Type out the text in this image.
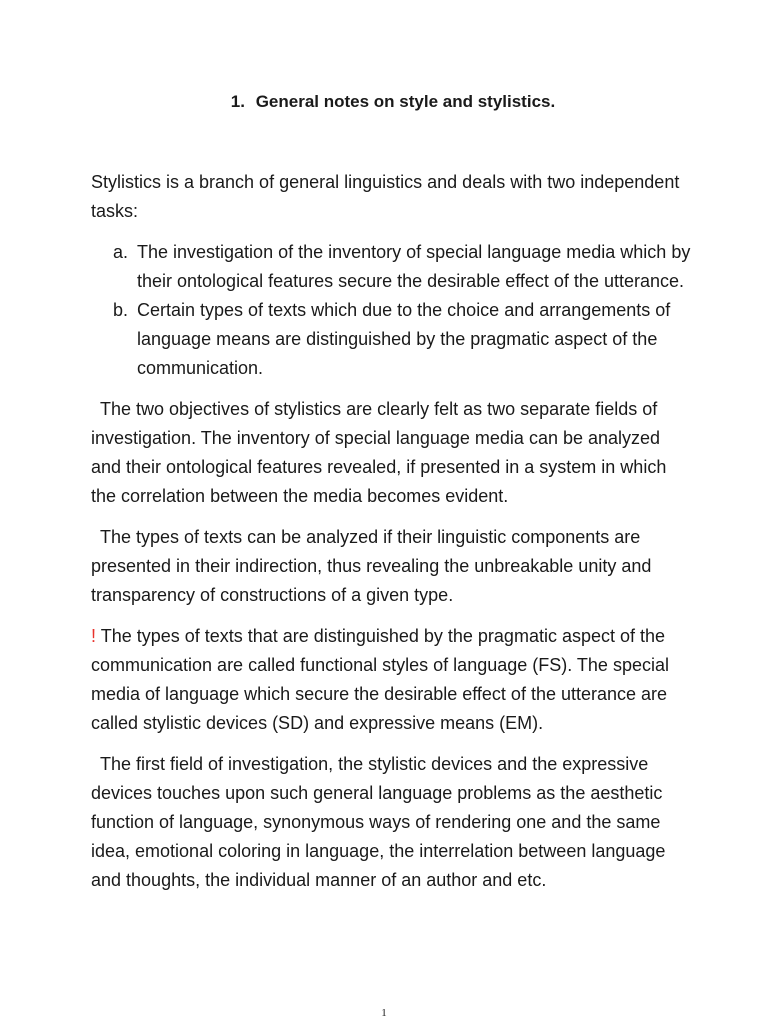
1. General notes on style and stylistics.

Stylistics is a branch of general linguistics and deals with two independent tasks:

a. The investigation of the inventory of special language media which by their ontological features secure the desirable effect of the utterance.
b. Certain types of texts which due to the choice and arrangements of language means are distinguished by the pragmatic aspect of the communication.

The two objectives of stylistics are clearly felt as two separate fields of investigation. The inventory of special language media can be analyzed and their ontological features revealed, if presented in a system in which the correlation between the media becomes evident.

The types of texts can be analyzed if their linguistic components are presented in their indirection, thus revealing the unbreakable unity and transparency of constructions of a given type.

! The types of texts that are distinguished by the pragmatic aspect of the communication are called functional styles of language (FS). The special media of language which secure the desirable effect of the utterance are called stylistic devices (SD) and expressive means (EM).

The first field of investigation, the stylistic devices and the expressive devices touches upon such general language problems as the aesthetic function of language, synonymous ways of rendering one and the same idea, emotional coloring in language, the interrelation between language and thoughts, the individual manner of an author and etc.

1
